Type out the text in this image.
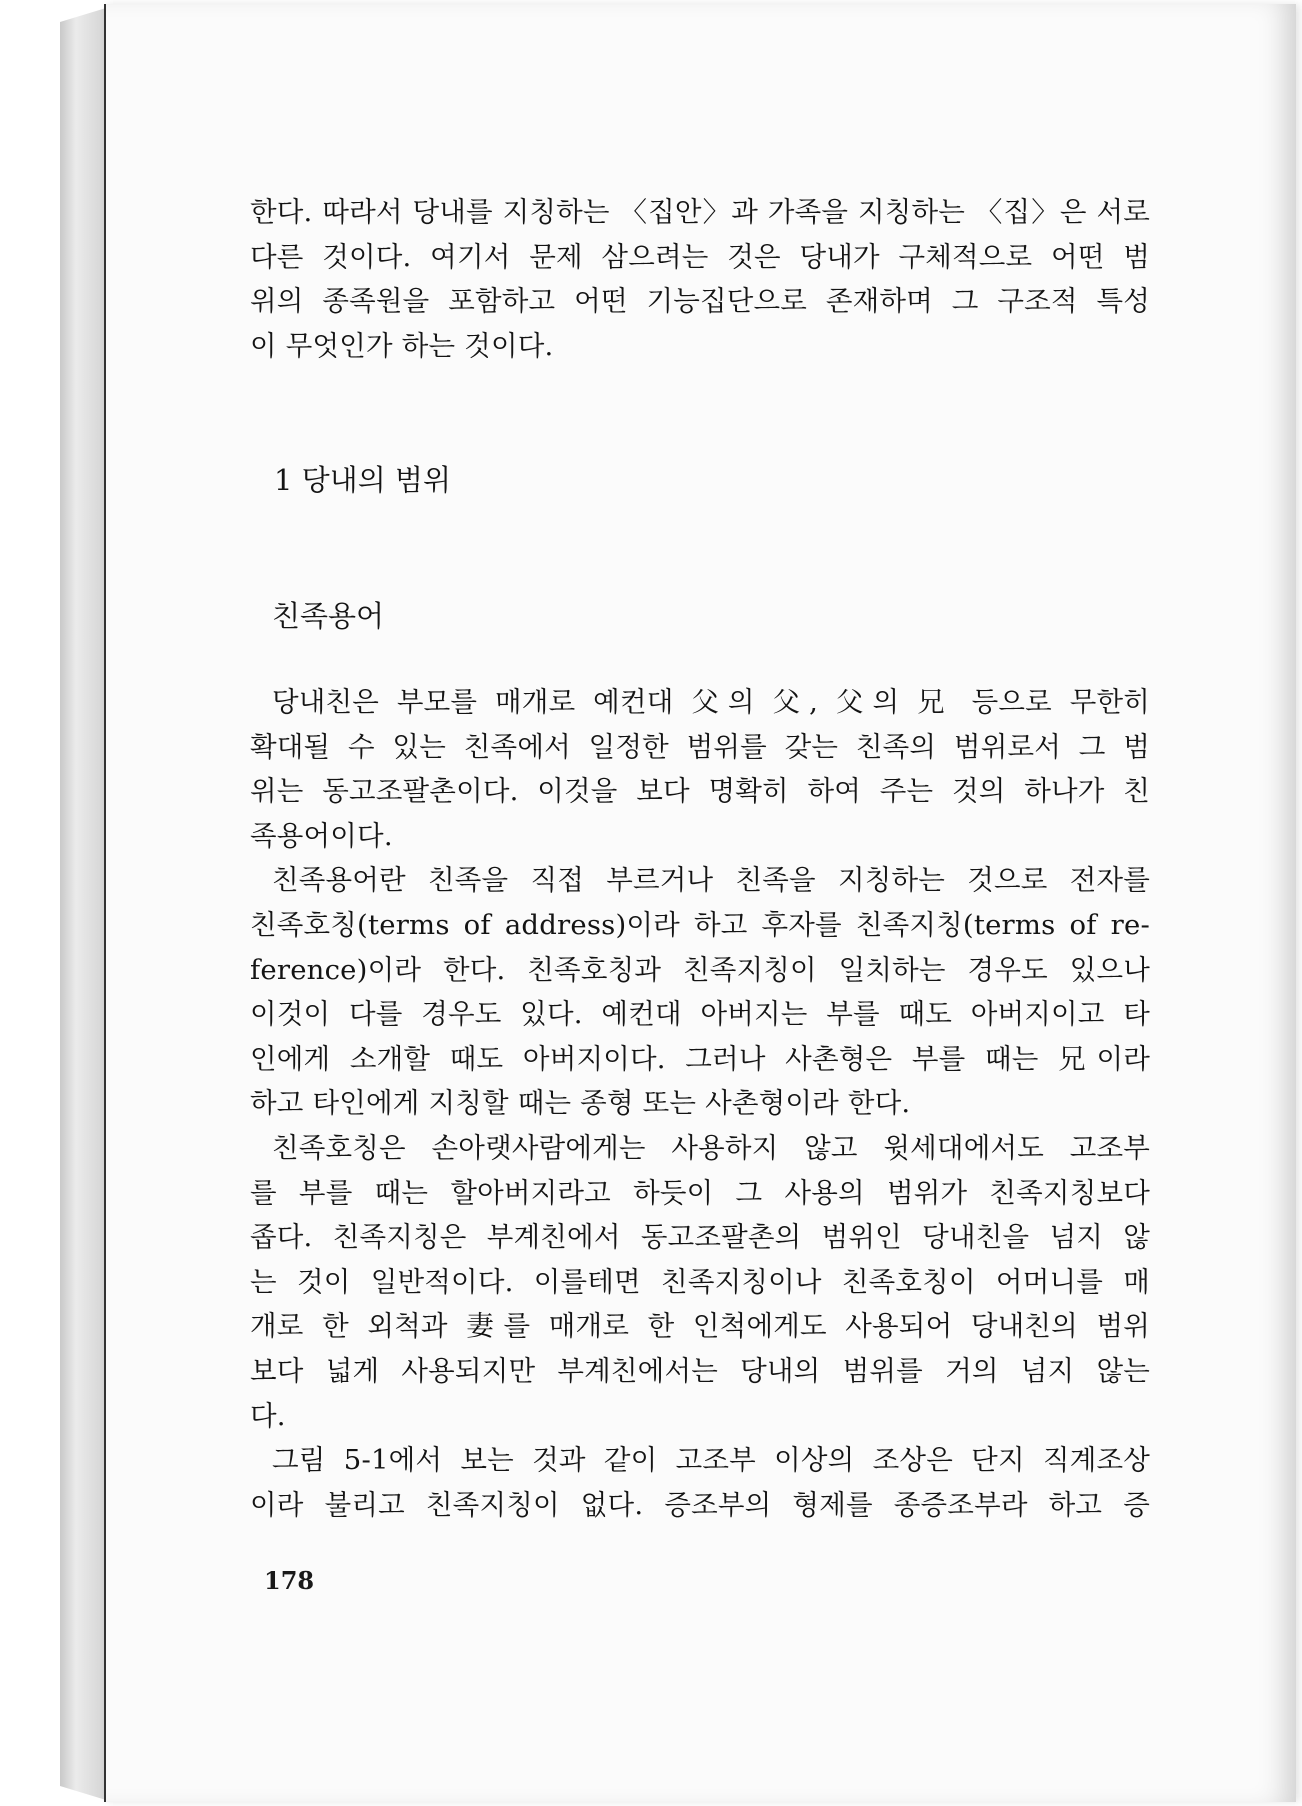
한다. 따라서 당내를 지칭하는 〈집안〉과 가족을 지칭하는 〈집〉은 서로
다른 것이다. 여기서 문제 삼으려는 것은 당내가 구체적으로 어떤 범
위의 종족원을 포함하고 어떤 기능집단으로 존재하며 그 구조적 특성
이 무엇인가 하는 것이다.
1 당내의 범위
친족용어
당내친은 부모를 매개로 예컨대 父의 父, 父의 兄 등으로 무한히
확대될 수 있는 친족에서 일정한 범위를 갖는 친족의 범위로서 그 범
위는 동고조팔촌이다. 이것을 보다 명확히 하여 주는 것의 하나가 친
족용어이다.
친족용어란 친족을 직접 부르거나 친족을 지칭하는 것으로 전자를
친족호칭(terms of address)이라 하고 후자를 친족지칭(terms of re-
ference)이라 한다. 친족호칭과 친족지칭이 일치하는 경우도 있으나
이것이 다를 경우도 있다. 예컨대 아버지는 부를 때도 아버지이고 타
인에게 소개할 때도 아버지이다. 그러나 사촌형은 부를 때는 兄이라
하고 타인에게 지칭할 때는 종형 또는 사촌형이라 한다.
친족호칭은 손아랫사람에게는 사용하지 않고 윗세대에서도 고조부
를 부를 때는 할아버지라고 하듯이 그 사용의 범위가 친족지칭보다
좁다. 친족지칭은 부계친에서 동고조팔촌의 범위인 당내친을 넘지 않
는 것이 일반적이다. 이를테면 친족지칭이나 친족호칭이 어머니를 매
개로 한 외척과 妻를 매개로 한 인척에게도 사용되어 당내친의 범위
보다 넓게 사용되지만 부계친에서는 당내의 범위를 거의 넘지 않는
다.
그림 5-1에서 보는 것과 같이 고조부 이상의 조상은 단지 직계조상
이라 불리고 친족지칭이 없다. 증조부의 형제를 종증조부라 하고 증
178
